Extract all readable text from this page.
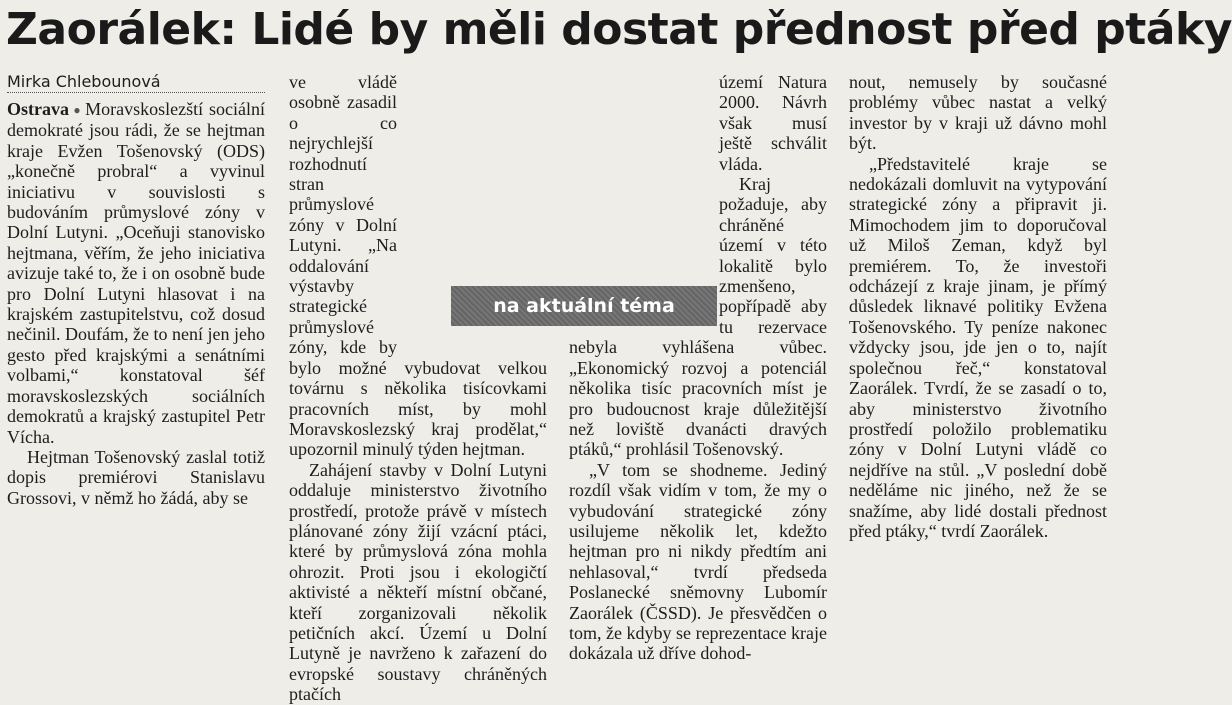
Zaorálek: Lidé by měli dostat přednost před ptáky
Mirka Chlebounová

Ostrava ● Moravskoslezští sociální demokraté jsou rádi, že se hejtman kraje Evžen Tošenovský (ODS) „konečně probral“ a vyvinul iniciativu v souvislosti s budováním průmyslové zóny v Dolní Lutyni. „Oceňuji stanovisko hejtmana, věřím, že jeho iniciativa avizuje také to, že i on osobně bude pro Dolní Lutyni hlasovat i na krajském zastupitelstvu, což dosud nečinil. Doufám, že to není jen jeho gesto před krajskými a senátními volbami,“ konstatoval šéf moravskoslezských sociálních demokratů a krajský zastupitel Petr Vícha.

Hejtman Tošenovský zaslal totiž dopis premiérovi Stanislavu Grossovi, v němž ho žádá, aby se

ve vládě osobně zasadil o co nejrychlejší rozhodnutí stran průmyslové zóny v Dolní Lutyni. „Na oddalování výstavby strategické průmyslové zóny, kde by bylo možné vybudovat velkou továrnu s několika tisícovkami pracovních míst, by mohl Moravskoslezský kraj prodělat,“ upozornil minulý týden hejtman.

Zahájení stavby v Dolní Lutyni oddaluje ministerstvo životního prostředí, protože právě v místech plánované zóny žijí vzácní ptáci, které by průmyslová zóna mohla ohrozit. Proti jsou i ekologičtí aktivisté a někteří místní občané, kteří zorganizovali několik petičních akcí. Území u Dolní Lutyně je navrženo k zařazení do evropské soustavy chráněných ptačích

území Natura 2000. Návrh však musí ještě schválit vláda.

Kraj požaduje, aby chráněné území v této lokalitě bylo zmenšeno, popřípadě aby tu rezervace nebyla vyhlášena vůbec. „Ekonomický rozvoj a potenciál několika tisíc pracovních míst je pro budoucnost kraje důležitější než loviště dvanácti dravých ptáků,“ prohlásil Tošenovský.

„V tom se shodneme. Jediný rozdíl však vidím v tom, že my o vybudování strategické zóny usilujeme několik let, kdežto hejtman pro ni nikdy předtím ani nehlasoval,“ tvrdí předseda Poslanecké sněmovny Lubomír Zaorálek (ČSSD). Je přesvědčen o tom, že kdyby se reprezentace kraje dokázala už dříve dohod-

nout, nemusely by současné problémy vůbec nastat a velký investor by v kraji už dávno mohl být.

„Představitelé kraje se nedokázali domluvit na vytypování strategické zóny a připravit ji. Mimochodem jim to doporučoval už Miloš Zeman, když byl premiérem. To, že investoři odcházejí z kraje jinam, je přímý důsledek liknavé politiky Evžena Tošenovského. Ty peníze nakonec vždycky jsou, jde jen o to, najít společnou řeč,“ konstatoval Zaorálek. Tvrdí, že se zasadí o to, aby ministerstvo životního prostředí položilo problematiku zóny v Dolní Lutyni vládě co nejdříve na stůl. „V poslední době neděláme nic jiného, než že se snažíme, aby lidé dostali přednost před ptáky,“ tvrdí Zaorálek.

na aktuální téma
